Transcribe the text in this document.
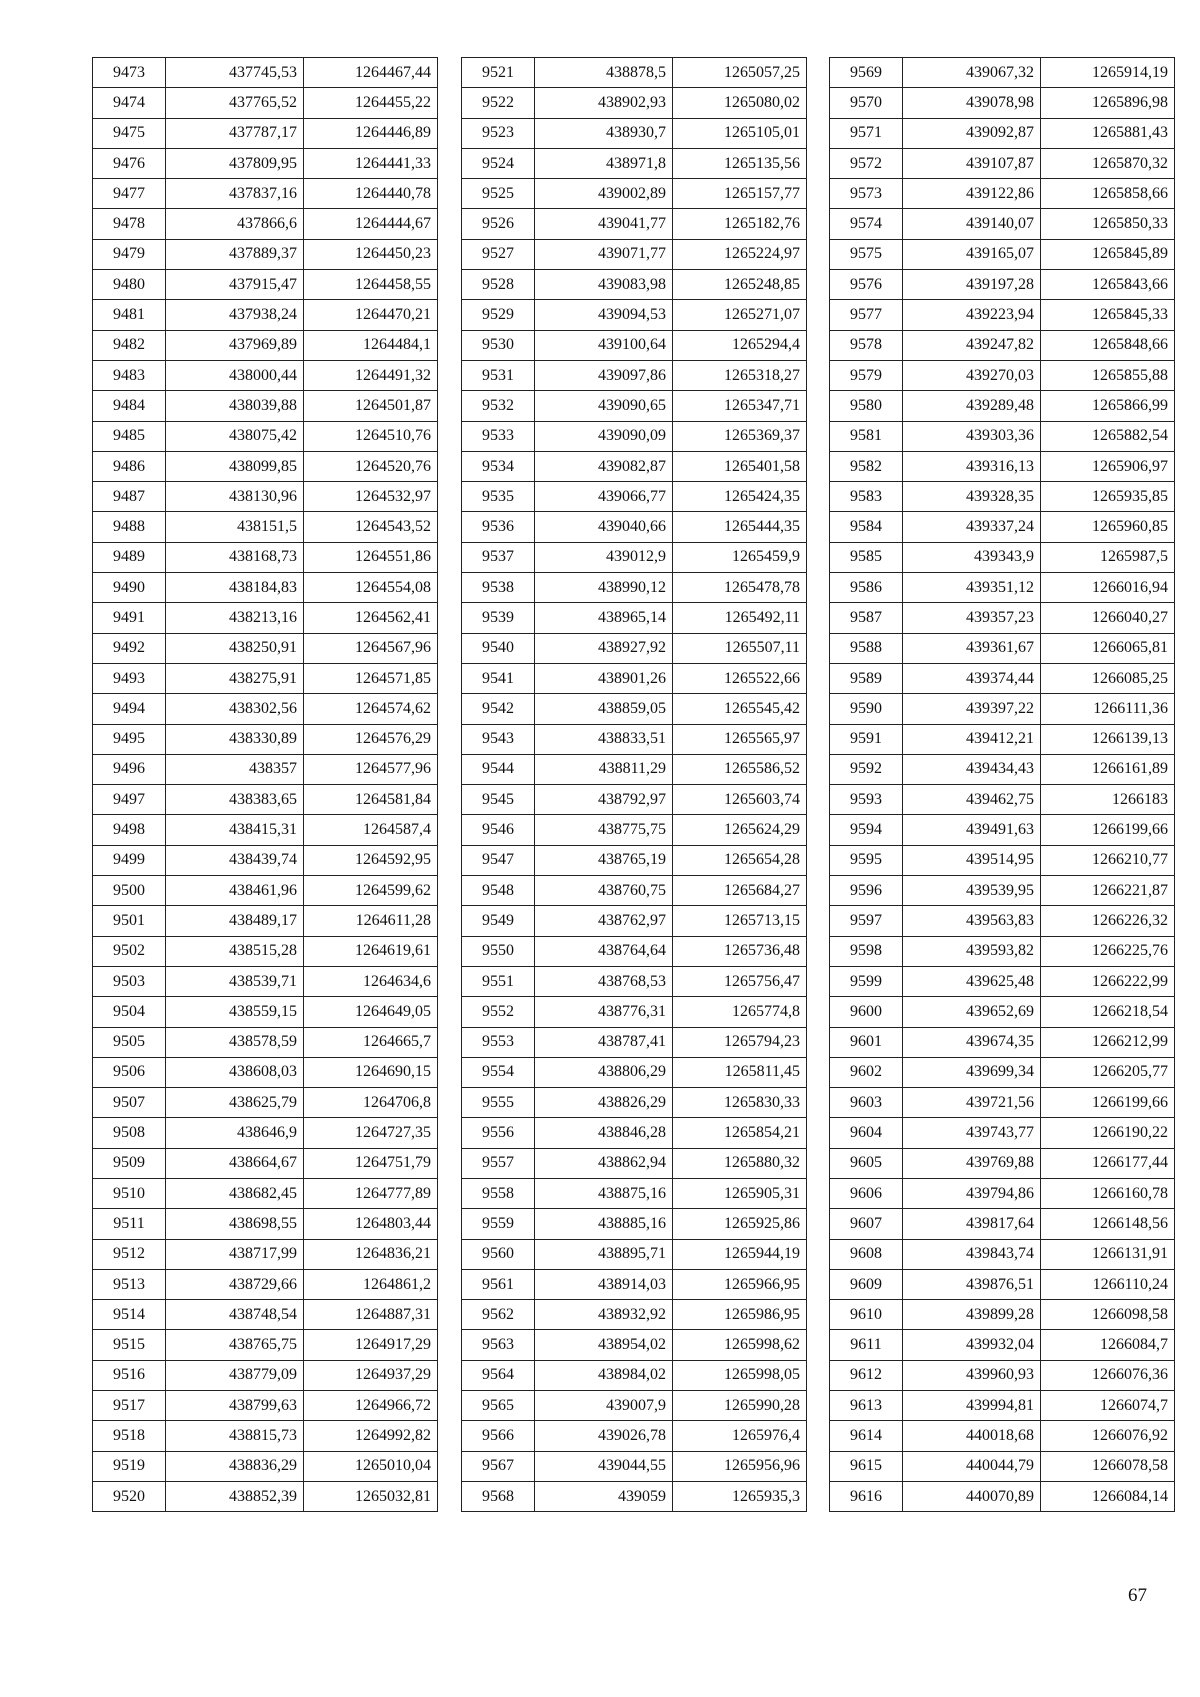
9473	437745,53	1264467,44
9474	437765,52	1264455,22
9475	437787,17	1264446,89
9476	437809,95	1264441,33
9477	437837,16	1264440,78
9478	437866,6	1264444,67
9479	437889,37	1264450,23
9480	437915,47	1264458,55
9481	437938,24	1264470,21
9482	437969,89	1264484,1
9483	438000,44	1264491,32
9484	438039,88	1264501,87
9485	438075,42	1264510,76
9486	438099,85	1264520,76
9487	438130,96	1264532,97
9488	438151,5	1264543,52
9489	438168,73	1264551,86
9490	438184,83	1264554,08
9491	438213,16	1264562,41
9492	438250,91	1264567,96
9493	438275,91	1264571,85
9494	438302,56	1264574,62
9495	438330,89	1264576,29
9496	438357	1264577,96
9497	438383,65	1264581,84
9498	438415,31	1264587,4
9499	438439,74	1264592,95
9500	438461,96	1264599,62
9501	438489,17	1264611,28
9502	438515,28	1264619,61
9503	438539,71	1264634,6
9504	438559,15	1264649,05
9505	438578,59	1264665,7
9506	438608,03	1264690,15
9507	438625,79	1264706,8
9508	438646,9	1264727,35
9509	438664,67	1264751,79
9510	438682,45	1264777,89
9511	438698,55	1264803,44
9512	438717,99	1264836,21
9513	438729,66	1264861,2
9514	438748,54	1264887,31
9515	438765,75	1264917,29
9516	438779,09	1264937,29
9517	438799,63	1264966,72
9518	438815,73	1264992,82
9519	438836,29	1265010,04
9520	438852,39	1265032,81
9521	438878,5	1265057,25
9522	438902,93	1265080,02
9523	438930,7	1265105,01
9524	438971,8	1265135,56
9525	439002,89	1265157,77
9526	439041,77	1265182,76
9527	439071,77	1265224,97
9528	439083,98	1265248,85
9529	439094,53	1265271,07
9530	439100,64	1265294,4
9531	439097,86	1265318,27
9532	439090,65	1265347,71
9533	439090,09	1265369,37
9534	439082,87	1265401,58
9535	439066,77	1265424,35
9536	439040,66	1265444,35
9537	439012,9	1265459,9
9538	438990,12	1265478,78
9539	438965,14	1265492,11
9540	438927,92	1265507,11
9541	438901,26	1265522,66
9542	438859,05	1265545,42
9543	438833,51	1265565,97
9544	438811,29	1265586,52
9545	438792,97	1265603,74
9546	438775,75	1265624,29
9547	438765,19	1265654,28
9548	438760,75	1265684,27
9549	438762,97	1265713,15
9550	438764,64	1265736,48
9551	438768,53	1265756,47
9552	438776,31	1265774,8
9553	438787,41	1265794,23
9554	438806,29	1265811,45
9555	438826,29	1265830,33
9556	438846,28	1265854,21
9557	438862,94	1265880,32
9558	438875,16	1265905,31
9559	438885,16	1265925,86
9560	438895,71	1265944,19
9561	438914,03	1265966,95
9562	438932,92	1265986,95
9563	438954,02	1265998,62
9564	438984,02	1265998,05
9565	439007,9	1265990,28
9566	439026,78	1265976,4
9567	439044,55	1265956,96
9568	439059	1265935,3
9569	439067,32	1265914,19
9570	439078,98	1265896,98
9571	439092,87	1265881,43
9572	439107,87	1265870,32
9573	439122,86	1265858,66
9574	439140,07	1265850,33
9575	439165,07	1265845,89
9576	439197,28	1265843,66
9577	439223,94	1265845,33
9578	439247,82	1265848,66
9579	439270,03	1265855,88
9580	439289,48	1265866,99
9581	439303,36	1265882,54
9582	439316,13	1265906,97
9583	439328,35	1265935,85
9584	439337,24	1265960,85
9585	439343,9	1265987,5
9586	439351,12	1266016,94
9587	439357,23	1266040,27
9588	439361,67	1266065,81
9589	439374,44	1266085,25
9590	439397,22	1266111,36
9591	439412,21	1266139,13
9592	439434,43	1266161,89
9593	439462,75	1266183
9594	439491,63	1266199,66
9595	439514,95	1266210,77
9596	439539,95	1266221,87
9597	439563,83	1266226,32
9598	439593,82	1266225,76
9599	439625,48	1266222,99
9600	439652,69	1266218,54
9601	439674,35	1266212,99
9602	439699,34	1266205,77
9603	439721,56	1266199,66
9604	439743,77	1266190,22
9605	439769,88	1266177,44
9606	439794,86	1266160,78
9607	439817,64	1266148,56
9608	439843,74	1266131,91
9609	439876,51	1266110,24
9610	439899,28	1266098,58
9611	439932,04	1266084,7
9612	439960,93	1266076,36
9613	439994,81	1266074,7
9614	440018,68	1266076,92
9615	440044,79	1266078,58
9616	440070,89	1266084,14
67
